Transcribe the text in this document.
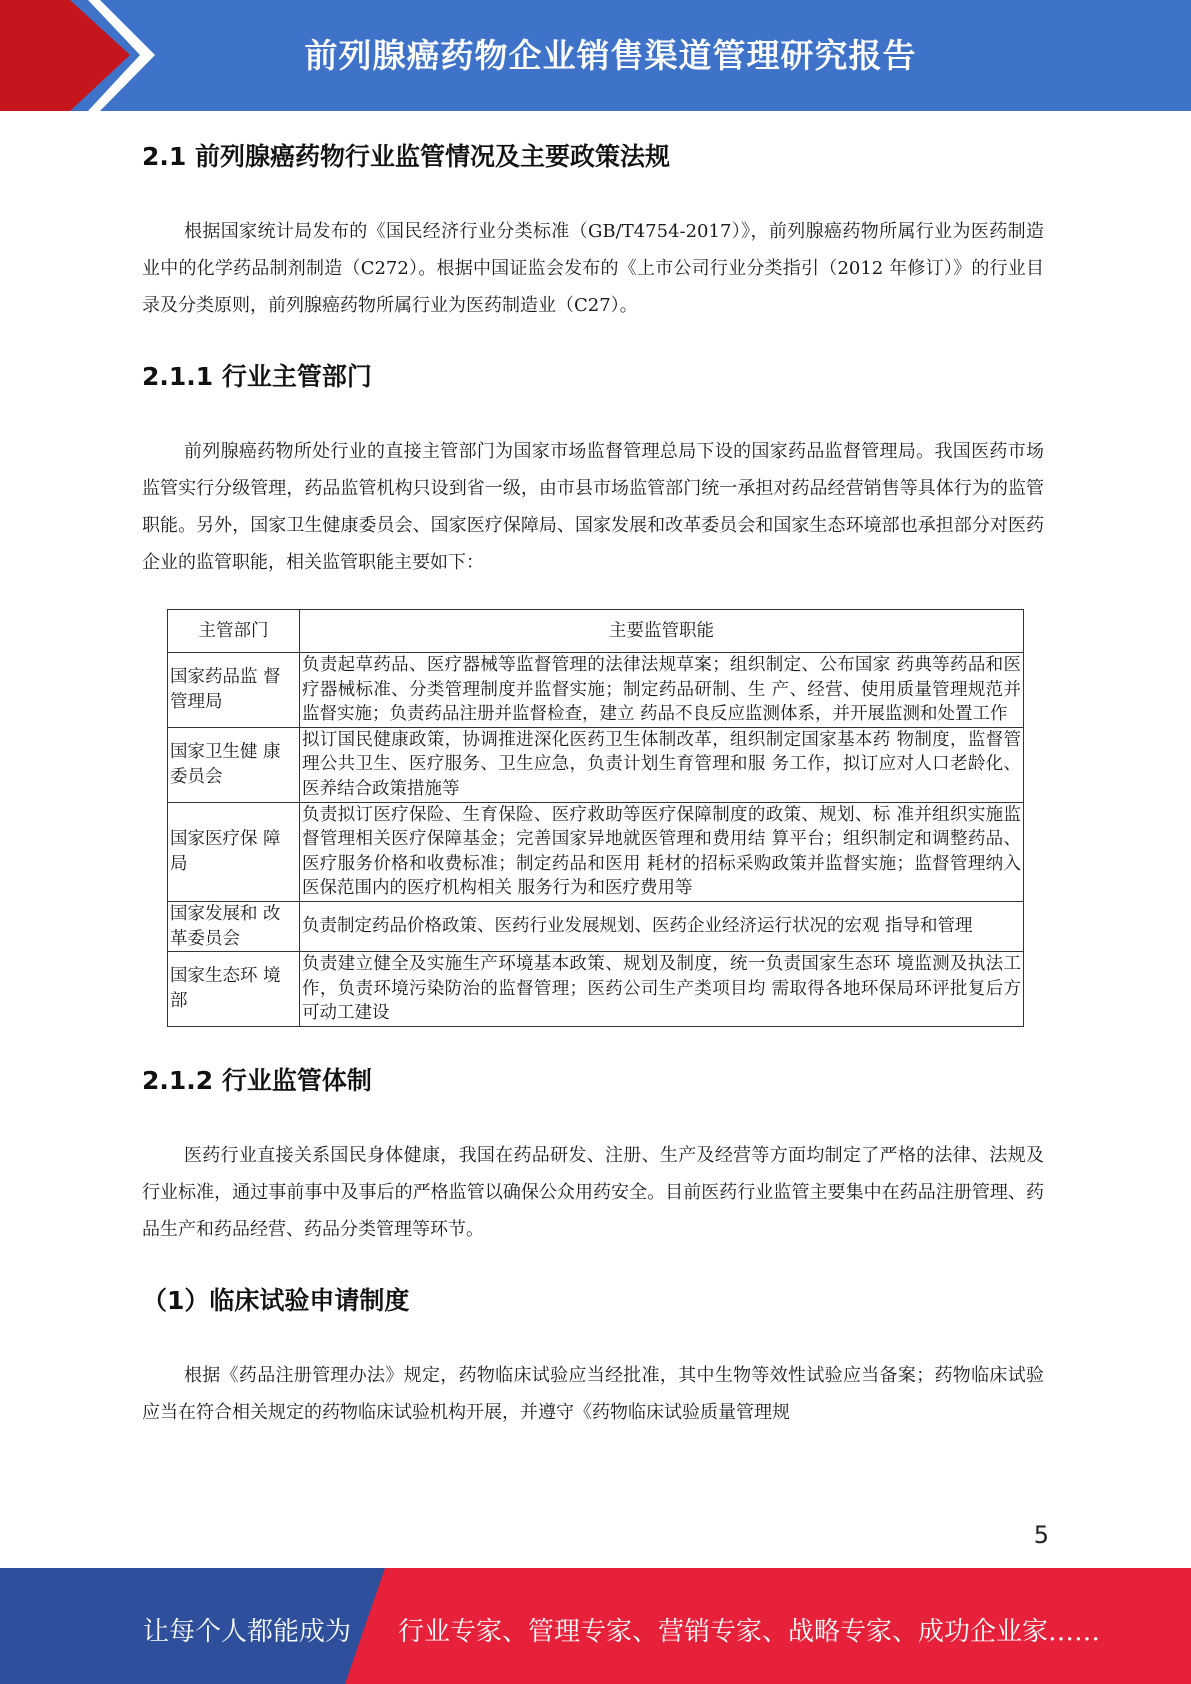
前列腺癌药物企业销售渠道管理研究报告
2.1 前列腺癌药物行业监管情况及主要政策法规

根据国家统计局发布的《国民经济行业分类标准（GB/T4754-2017）》，前列腺癌药物所属行业为医药制造业中的化学药品制剂制造（C272）。根据中国证监会发布的《上市公司行业分类指引（2012 年修订）》的行业目录及分类原则，前列腺癌药物所属行业为医药制造业（C27）。

2.1.1 行业主管部门

前列腺癌药物所处行业的直接主管部门为国家市场监督管理总局下设的国家药品监督管理局。我国医药市场监管实行分级管理，药品监管机构只设到省一级，由市县市场监管部门统一承担对药品经营销售等具体行为的监管职能。另外，国家卫生健康委员会、国家医疗保障局、国家发展和改革委员会和国家生态环境部也承担部分对医药企业的监管职能，相关监管职能主要如下：

主管部门	主要监管职能
国家药品监 督管理局	负责起草药品、医疗器械等监督管理的法律法规草案；组织制定、公布国家 药典等药品和医疗器械标准、分类管理制度并监督实施；制定药品研制、生 产、经营、使用质量管理规范并监督实施；负责药品注册并监督检查，建立 药品不良反应监测体系，并开展监测和处置工作
国家卫生健 康委员会	拟订国民健康政策，协调推进深化医药卫生体制改革，组织制定国家基本药 物制度，监督管理公共卫生、医疗服务、卫生应急，负责计划生育管理和服 务工作，拟订应对人口老龄化、医养结合政策措施等
国家医疗保 障局	负责拟订医疗保险、生育保险、医疗救助等医疗保障制度的政策、规划、标 准并组织实施监督管理相关医疗保障基金；完善国家异地就医管理和费用结 算平台；组织制定和调整药品、医疗服务价格和收费标准；制定药品和医用 耗材的招标采购政策并监督实施；监督管理纳入医保范围内的医疗机构相关 服务行为和医疗费用等
国家发展和 改革委员会	负责制定药品价格政策、医药行业发展规划、医药企业经济运行状况的宏观 指导和管理
国家生态环 境部	负责建立健全及实施生产环境基本政策、规划及制度，统一负责国家生态环 境监测及执法工作，负责环境污染防治的监督管理；医药公司生产类项目均 需取得各地环保局环评批复后方可动工建设
2.1.2 行业监管体制

医药行业直接关系国民身体健康，我国在药品研发、注册、生产及经营等方面均制定了严格的法律、法规及行业标准，通过事前事中及事后的严格监管以确保公众用药安全。目前医药行业监管主要集中在药品注册管理、药品生产和药品经营、药品分类管理等环节。

（1）临床试验申请制度

根据《药品注册管理办法》规定，药物临床试验应当经批准，其中生物等效性试验应当备案；药物临床试验应当在符合相关规定的药物临床试验机构开展，并遵守《药物临床试验质量管理规

5
让每个人都能成为 行业专家、管理专家、营销专家、战略专家、成功企业家……
